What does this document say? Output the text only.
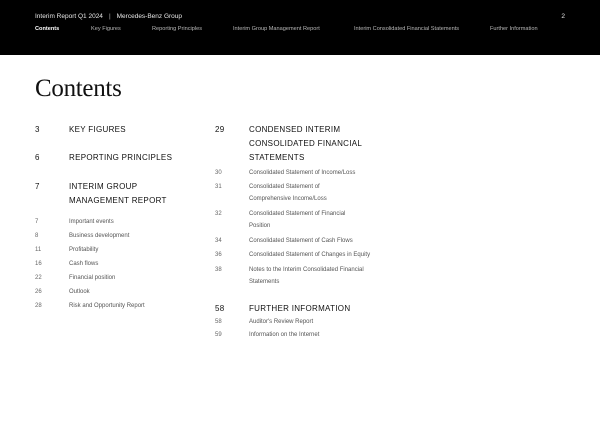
Interim Report Q1 2024 | Mercedes-Benz Group	2
Contents	Key Figures	Reporting Principles	Interim Group Management Report	Interim Consolidated Financial Statements	Further Information
Contents
3	KEY FIGURES
6	REPORTING PRINCIPLES
7	INTERIM GROUP MANAGEMENT REPORT
7	Important events
8	Business development
11	Profitability
16	Cash flows
22	Financial position
26	Outlook
28	Risk and Opportunity Report
29	CONDENSED INTERIM CONSOLIDATED FINANCIAL STATEMENTS
30	Consolidated Statement of Income/Loss
31	Consolidated Statement of Comprehensive Income/Loss
32	Consolidated Statement of Financial Position
34	Consolidated Statement of Cash Flows
36	Consolidated Statement of Changes in Equity
38	Notes to the Interim Consolidated Financial Statements
58	FURTHER INFORMATION
58	Auditor's Review Report
59	Information on the Internet
